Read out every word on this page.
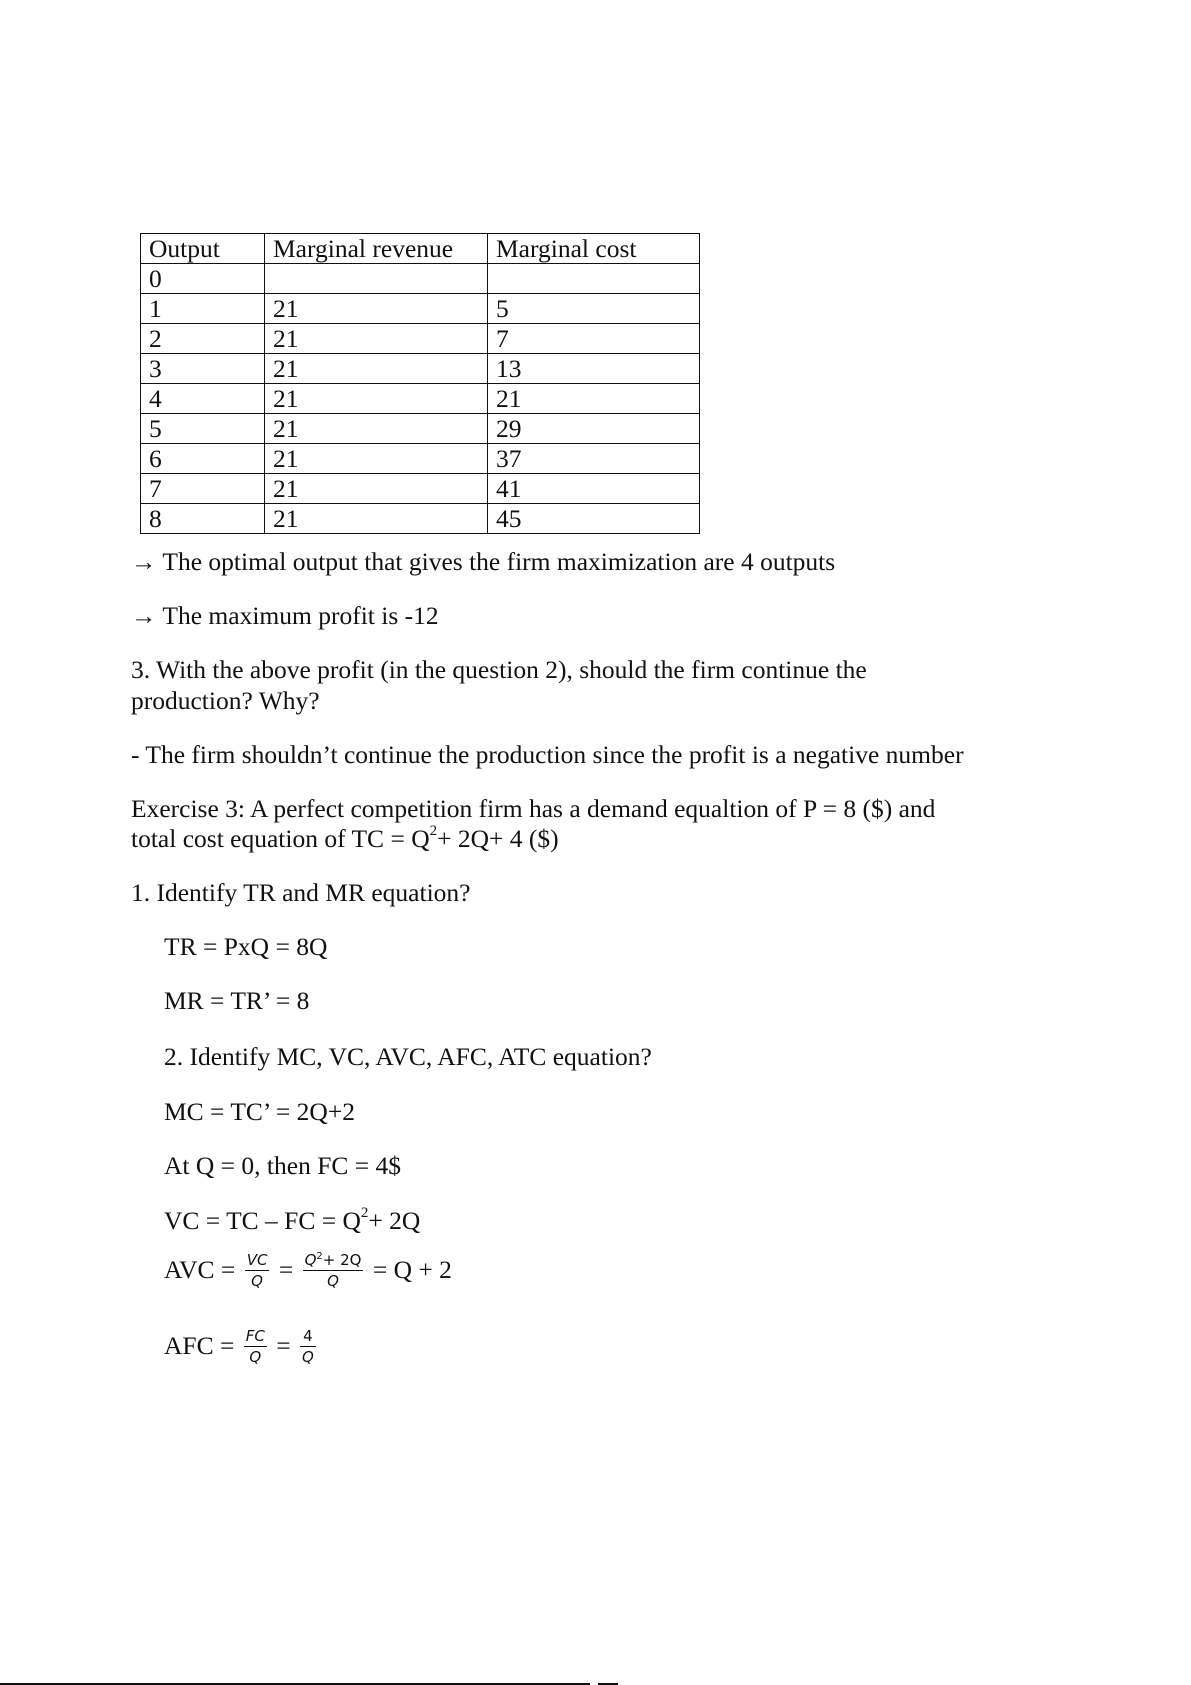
Output	Marginal revenue	Marginal cost
0		
1	21	5
2	21	7
3	21	13
4	21	21
5	21	29
6	21	37
7	21	41
8	21	45
→ The optimal output that gives the firm maximization are 4 outputs
→ The maximum profit is -12
3. With the above profit (in the question 2), should the firm continue the
production? Why?
- The firm shouldn’t continue the production since the profit is a negative number
Exercise 3: A perfect competition firm has a demand equaltion of P = 8 ($) and
total cost equation of TC = $Q^2+ 2Q+ 4$ ($)
1. Identify TR and MR equation?
TR = PxQ = 8Q
MR = TR’ = 8
2. Identify MC, VC, AVC, AFC, ATC equation?
MC = TC’ = 2Q+2
At Q = 0, then FC = 4$
VC = TC – FC = $Q^2+ 2Q$
AVC = $\frac{VC}{Q} = \frac{Q^2+ 2Q}{Q} = Q + 2$
AFC = $\frac{FC}{Q} = \frac{4}{Q}$
